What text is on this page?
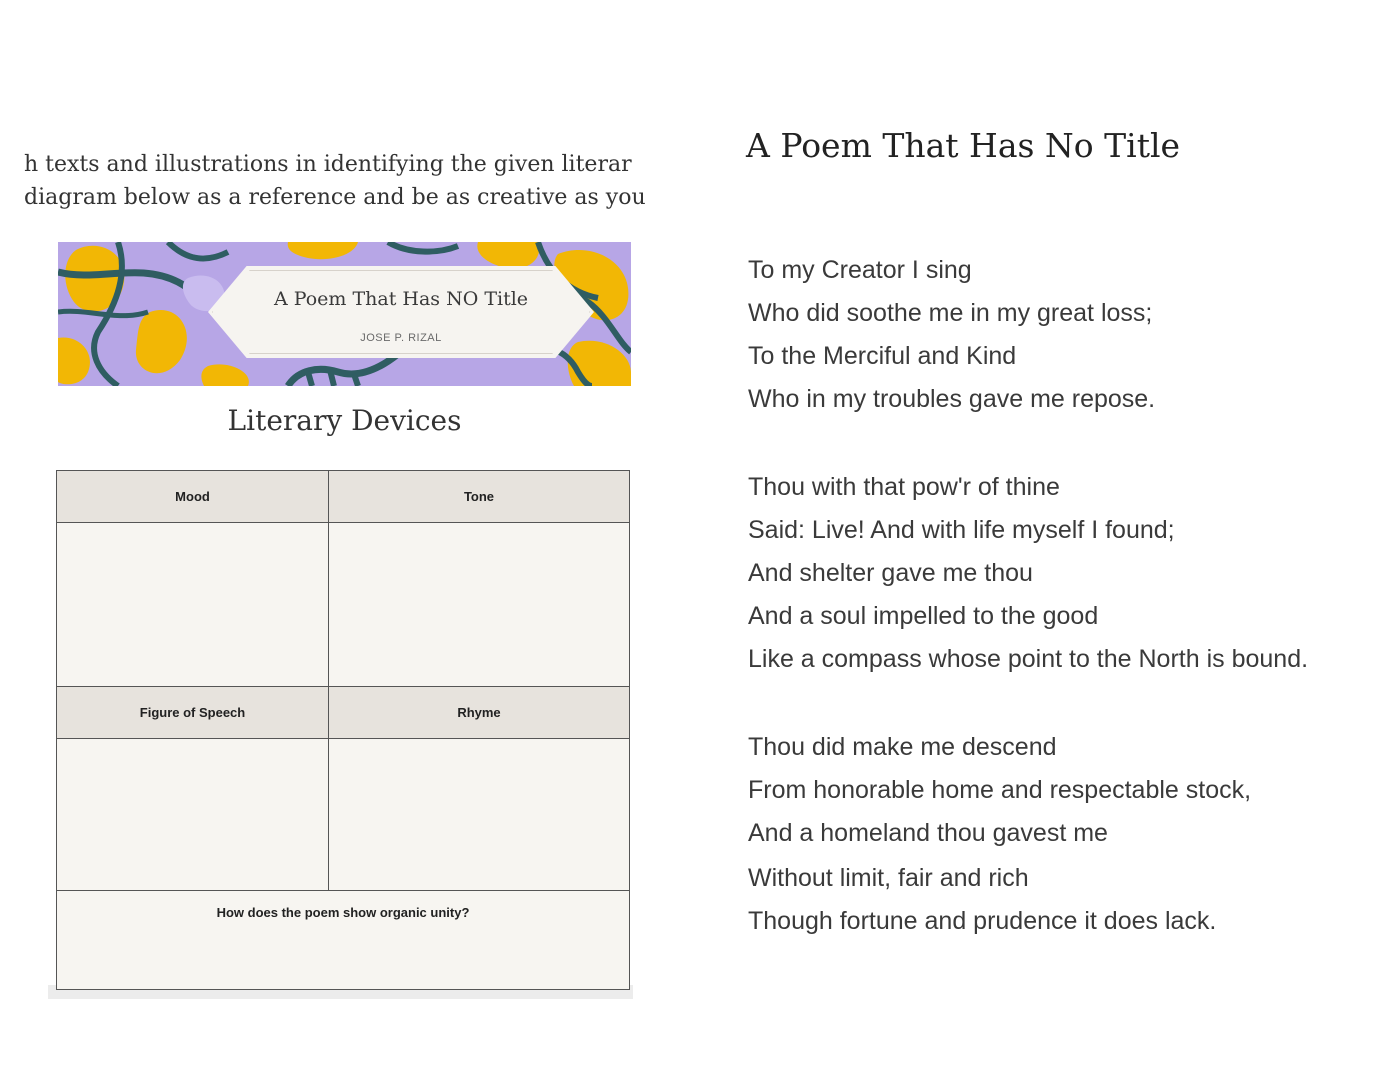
h texts and illustrations in identifying the given literar
diagram below as a reference and be as creative as you
A Poem That Has NO Title
JOSE P. RIZAL
Literary Devices
Mood	Tone
Figure of Speech	Rhyme
How does the poem show organic unity?
A Poem That Has No Title
To my Creator I sing
Who did soothe me in my great loss;
To the Merciful and Kind
Who in my troubles gave me repose.
Thou with that pow'r of thine
Said: Live! And with life myself I found;
And shelter gave me thou
And a soul impelled to the good
Like a compass whose point to the North is bound.
Thou did make me descend
From honorable home and respectable stock,
And a homeland thou gavest me
Without limit, fair and rich
Though fortune and prudence it does lack.
